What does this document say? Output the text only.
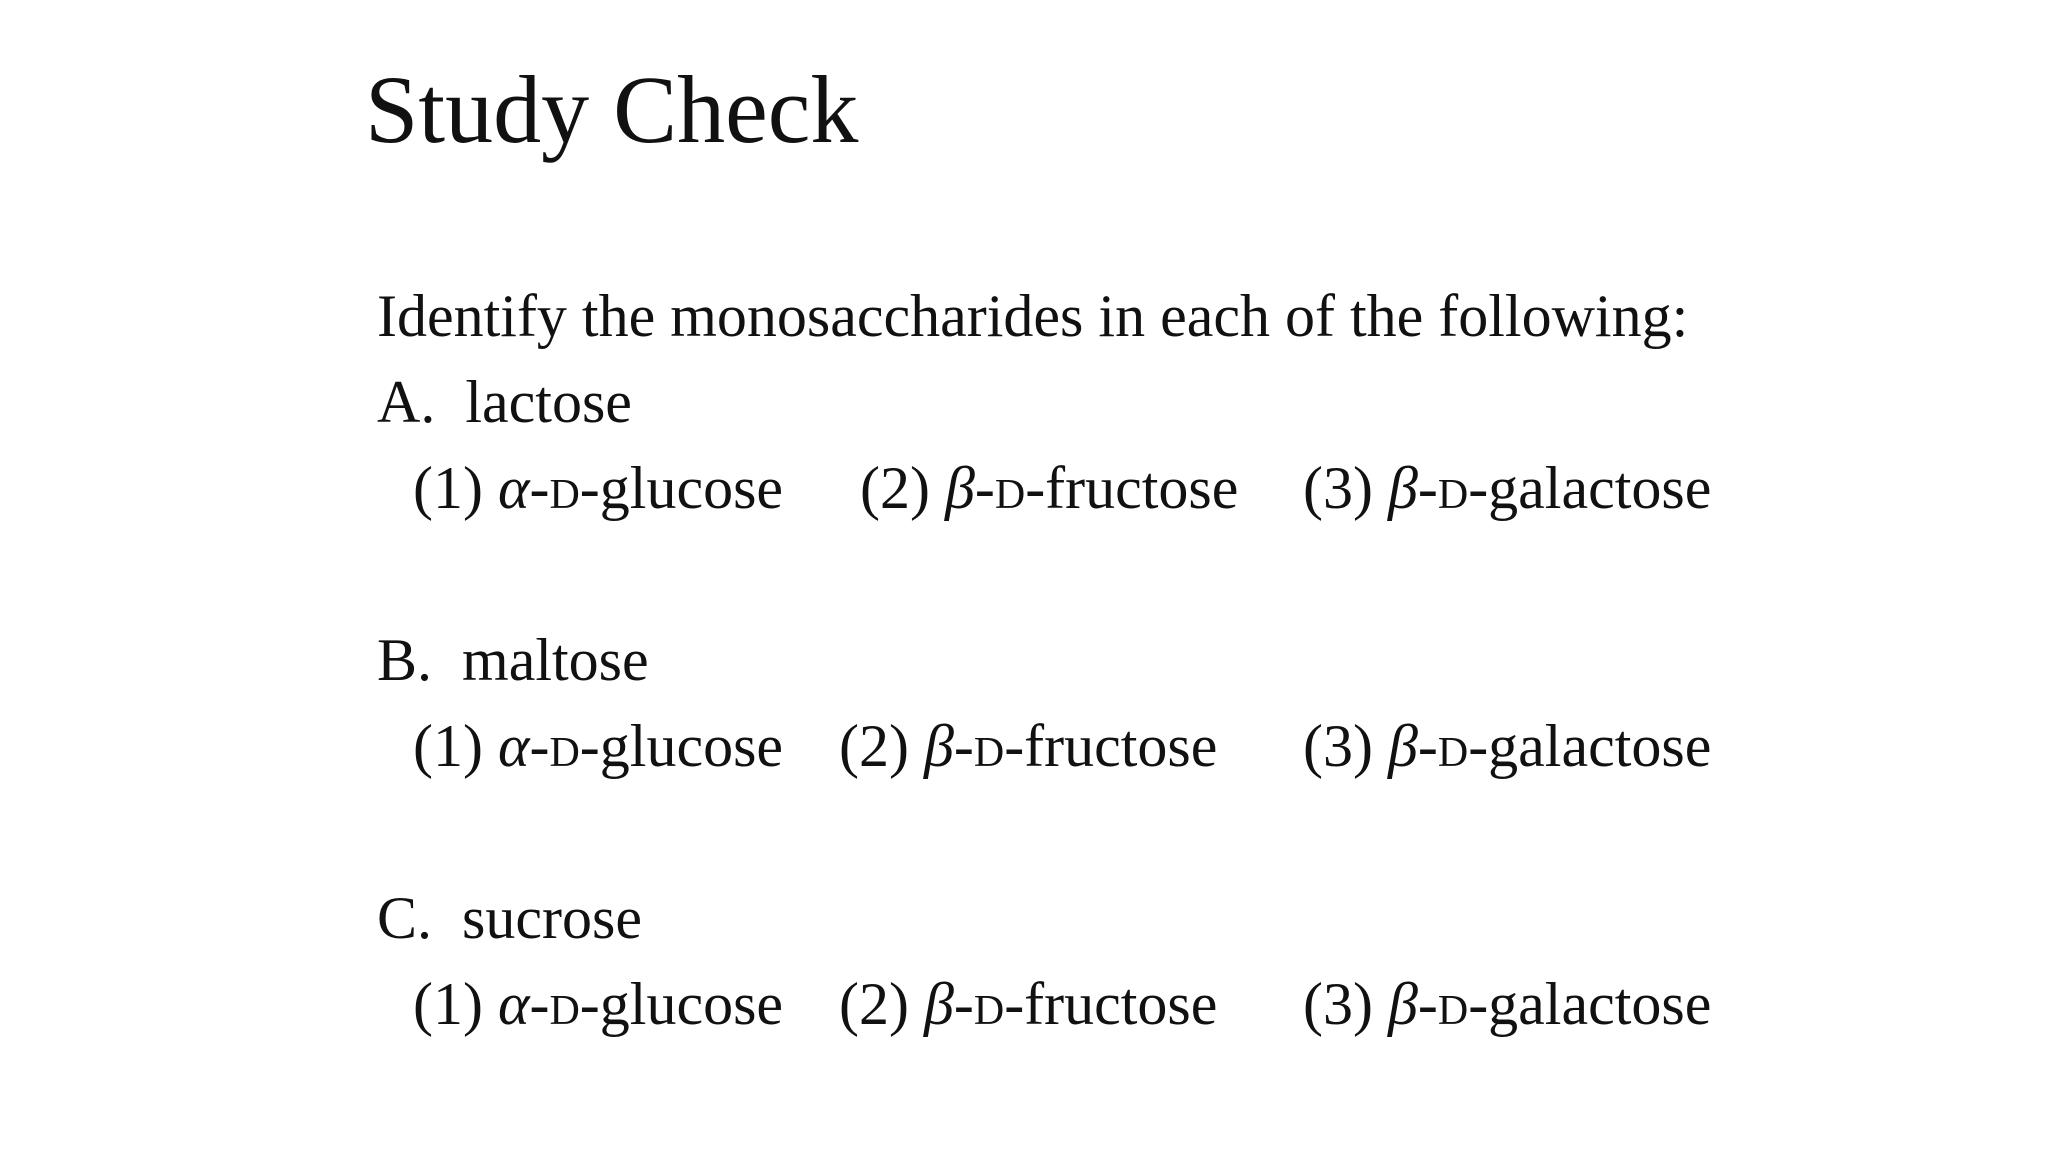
Study Check
Identify the monosaccharides in each of the following:
A. lactose
(1) α-D-glucose (2) β-D-fructose (3) β-D-galactose
B. maltose
(1) α-D-glucose (2) β-D-fructose (3) β-D-galactose
C. sucrose
(1) α-D-glucose (2) β-D-fructose (3) β-D-galactose
